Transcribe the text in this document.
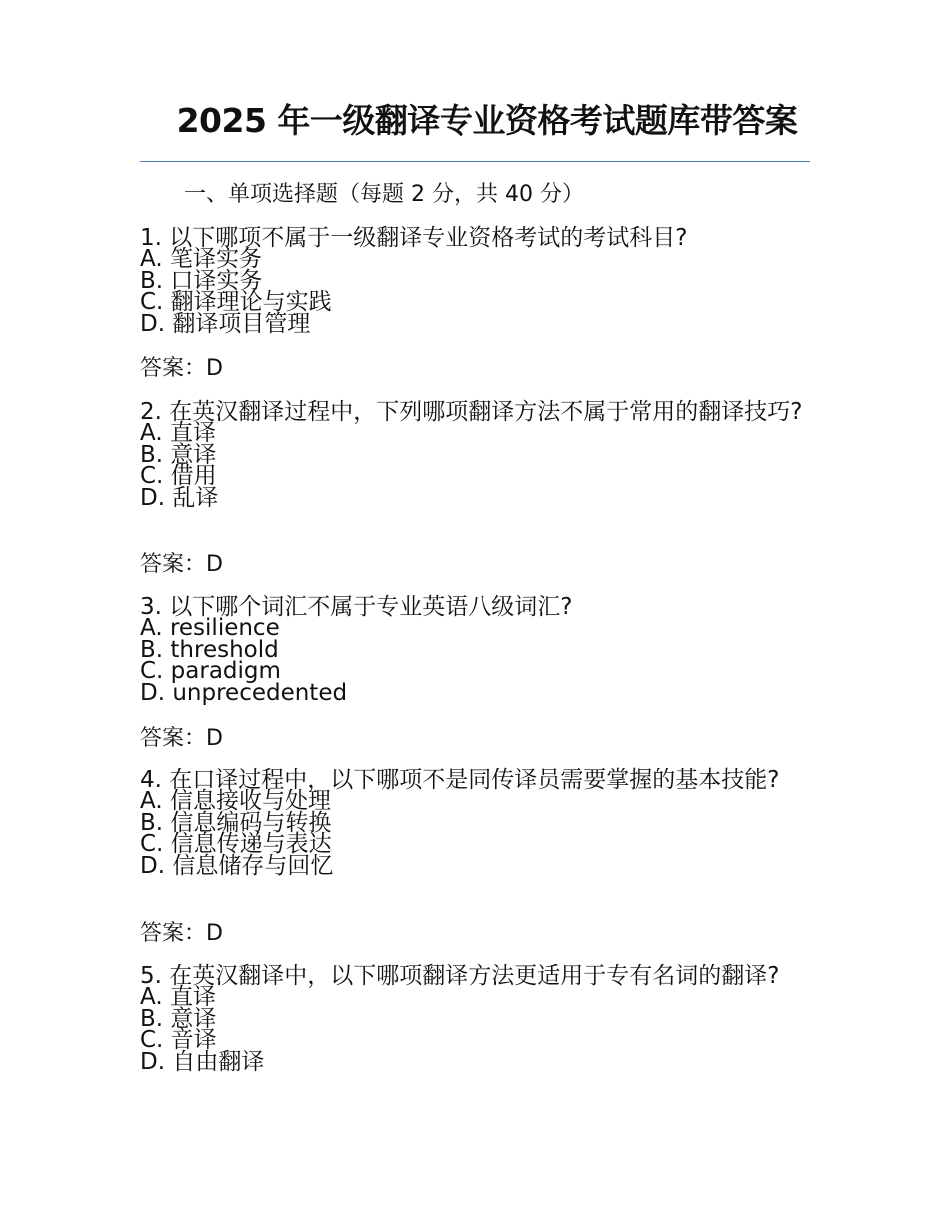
2025 年一级翻译专业资格考试题库带答案
一、单项选择题（每题 2 分，共 40 分）

1. 以下哪项不属于一级翻译专业资格考试的考试科目?

A. 笔译实务

B. 口译实务

C. 翻译理论与实践

D. 翻译项目管理

答案：D

2. 在英汉翻译过程中，下列哪项翻译方法不属于常用的翻译技巧?

A. 直译

B. 意译

C. 借用

D. 乱译

答案：D

3. 以下哪个词汇不属于专业英语八级词汇?

A. resilience

B. threshold

C. paradigm

D. unprecedented

答案：D

4. 在口译过程中，以下哪项不是同传译员需要掌握的基本技能?

A. 信息接收与处理

B. 信息编码与转换

C. 信息传递与表达

D. 信息储存与回忆

答案：D

5. 在英汉翻译中，以下哪项翻译方法更适用于专有名词的翻译?

A. 直译

B. 意译

C. 音译

D. 自由翻译
